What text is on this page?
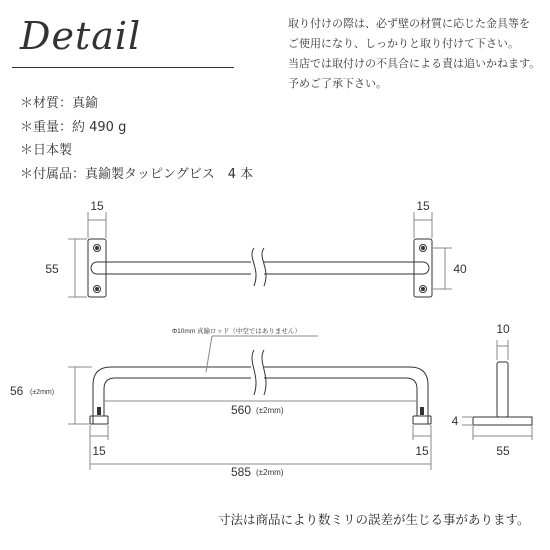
Detail	取り付けの際は、必ず壁の材質に応じた金具等を
ご使用になり、しっかりと取り付けて下さい。
当店では取付けの不具合による責は追いかねます。
予めご了承下さい。
＊材質：真鍮
＊重量：約 490 g
＊日本製
＊付属品：真鍮製タッピングビス　4 本
15	15
55	40
Φ10mm 真鍮ロッド（中空ではありません）
56 (±2mm)
560 (±2mm)
15	15
585 (±2mm)
10
4
55
寸法は商品により数ミリの誤差が生じる事があります。
